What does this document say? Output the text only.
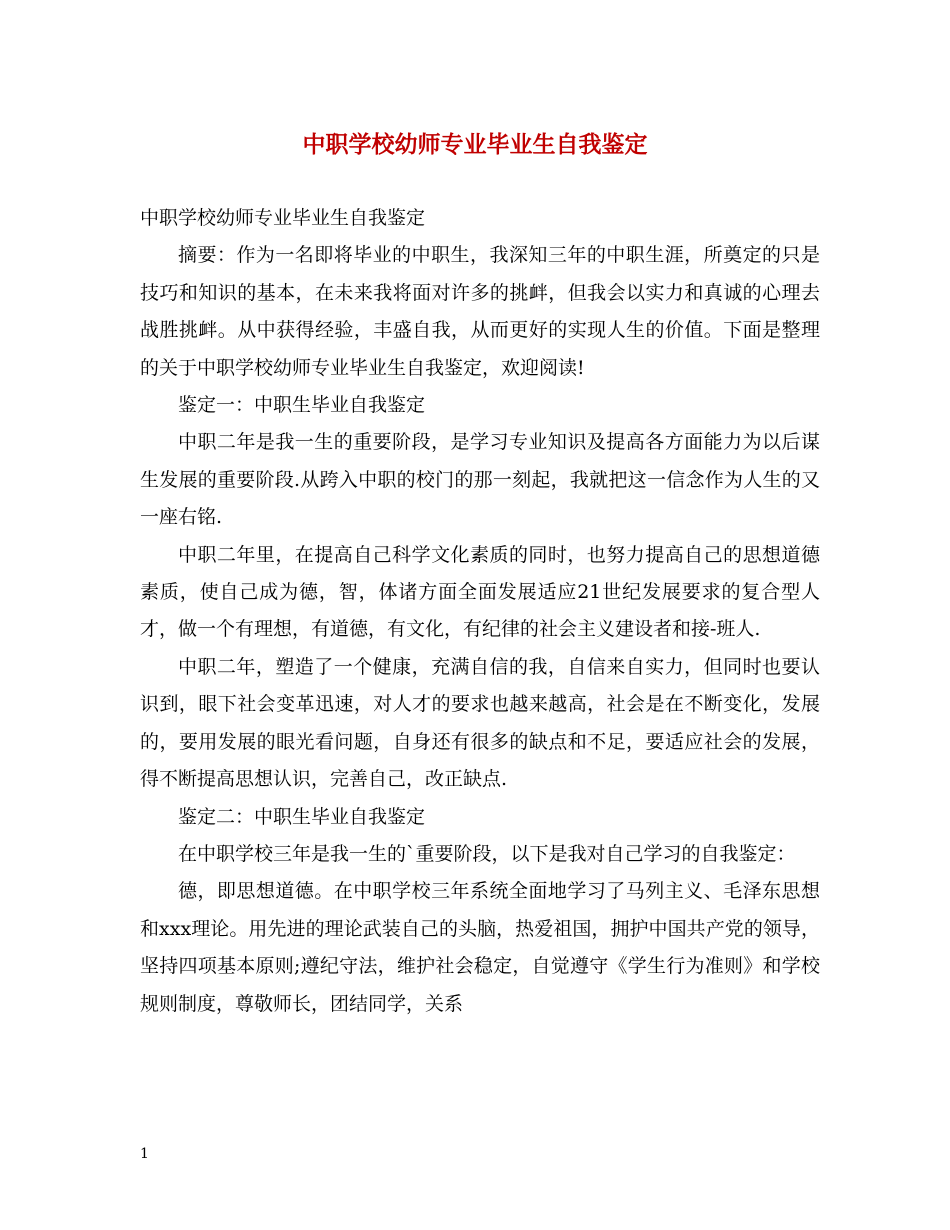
中职学校幼师专业毕业生自我鉴定

中职学校幼师专业毕业生自我鉴定

摘要：作为一名即将毕业的中职生，我深知三年的中职生涯，所奠定的只是技巧和知识的基本，在未来我将面对许多的挑衅，但我会以实力和真诚的心理去战胜挑衅。从中获得经验，丰盛自我，从而更好的实现人生的价值。下面是整理的关于中职学校幼师专业毕业生自我鉴定，欢迎阅读!

鉴定一：中职生毕业自我鉴定

中职二年是我一生的重要阶段，是学习专业知识及提高各方面能力为以后谋生发展的重要阶段.从跨入中职的校门的那一刻起，我就把这一信念作为人生的又一座右铭.

中职二年里，在提高自己科学文化素质的同时，也努力提高自己的思想道德素质，使自己成为德，智，体诸方面全面发展适应21世纪发展要求的复合型人才，做一个有理想，有道德，有文化，有纪律的社会主义建设者和接-班人.

中职二年，塑造了一个健康，充满自信的我，自信来自实力，但同时也要认识到，眼下社会变革迅速，对人才的要求也越来越高，社会是在不断变化，发展的，要用发展的眼光看问题，自身还有很多的缺点和不足，要适应社会的发展，得不断提高思想认识，完善自己，改正缺点.

鉴定二：中职生毕业自我鉴定

在中职学校三年是我一生的`重要阶段，以下是我对自己学习的自我鉴定：

德，即思想道德。在中职学校三年系统全面地学习了马列主义、毛泽东思想和xxx理论。用先进的理论武装自己的头脑，热爱祖国，拥护中国共产党的领导，坚持四项基本原则;遵纪守法，维护社会稳定，自觉遵守《学生行为准则》和学校规则制度，尊敬师长，团结同学，关系

1
